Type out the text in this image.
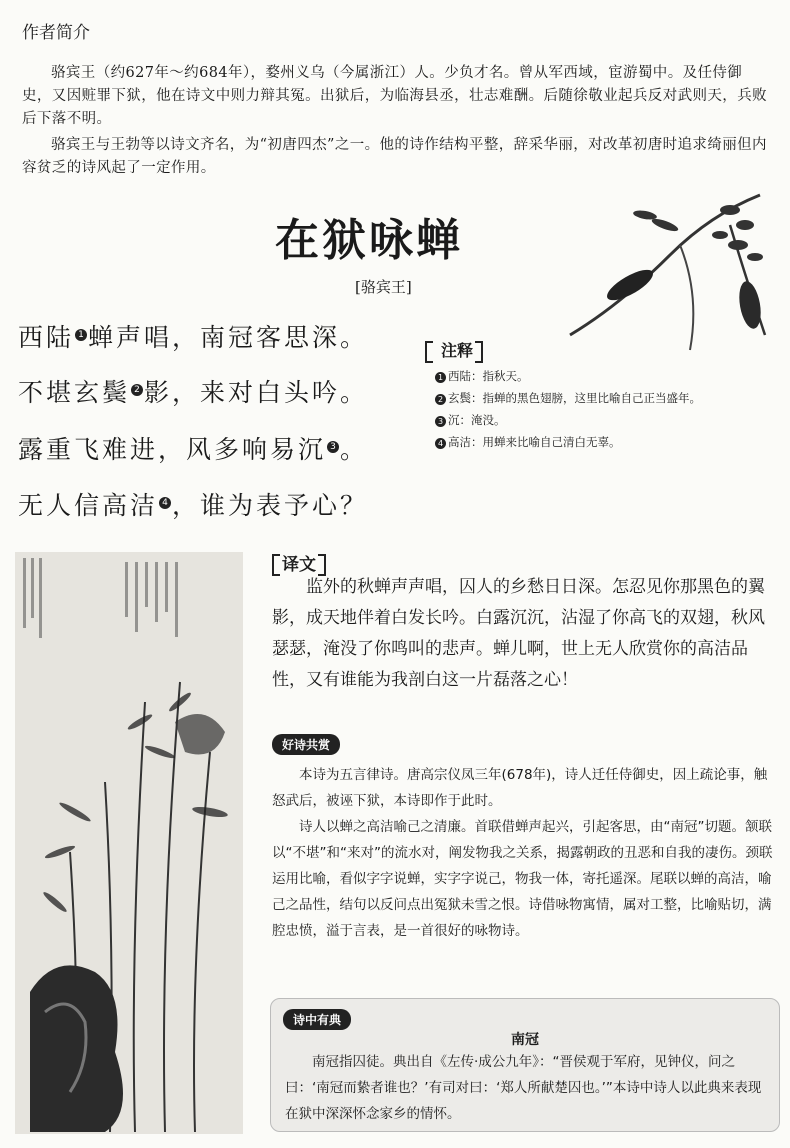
作者简介
骆宾王（约627年～约684年），婺州义乌（今属浙江）人。少负才名。曾从军西域，宦游蜀中。及任侍御史，又因赃罪下狱，他在诗文中则力辩其冤。出狱后，为临海县丞，壮志难酬。后随徐敬业起兵反对武则天，兵败后下落不明。
骆宾王与王勃等以诗文齐名，为“初唐四杰”之一。他的诗作结构平整，辞采华丽，对改革初唐时追求绮丽但内容贫乏的诗风起了一定作用。
在狱咏蝉
[骆宾王]
西陆 $^1$ 蝉声唱，南冠客思深。
不堪玄鬓 $^2$ 影，来对白头吟。
露重飞难进，风多响易沉 $^3$ 。
无人信高洁 $^4$ ，谁为表予心？
注释
1 西陆：指秋天。
2 玄鬓：指蝉的黑色翅膀，这里比喻自己正当盛年。
3 沉：淹没。
4 高洁：用蝉来比喻自己清白无辜。
译文
监外的秋蝉声声唱，囚人的乡愁日日深。怎忍见你那黑色的翼影，成天地伴着白发长吟。白露沉沉，沾湿了你高飞的双翅，秋风瑟瑟，淹没了你鸣叫的悲声。蝉儿啊，世上无人欣赏你的高洁品性，又有谁能为我剖白这一片磊落之心！
好诗共赏
本诗为五言律诗。唐高宗仪凤三年(678年)，诗人迁任侍御史，因上疏论事，触怒武后，被诬下狱，本诗即作于此时。
诗人以蝉之高洁喻己之清廉。首联借蝉声起兴，引起客思，由“南冠”切题。颔联以“不堪”和“来对”的流水对，阐发物我之关系，揭露朝政的丑恶和自我的凄伤。颈联运用比喻，看似字字说蝉，实字字说己，物我一体，寄托遥深。尾联以蝉的高洁，喻己之品性，结句以反问点出冤狱未雪之恨。诗借咏物寓情，属对工整，比喻贴切，满腔忠愤，溢于言表，是一首很好的咏物诗。
诗中有典
南冠
南冠指囚徒。典出自《左传·成公九年》：“晋侯观于军府，见钟仪，问之曰：‘南冠而絷者谁也？’有司对曰：‘郑人所献楚囚也。’”本诗中诗人以此典来表现在狱中深深怀念家乡的情怀。
